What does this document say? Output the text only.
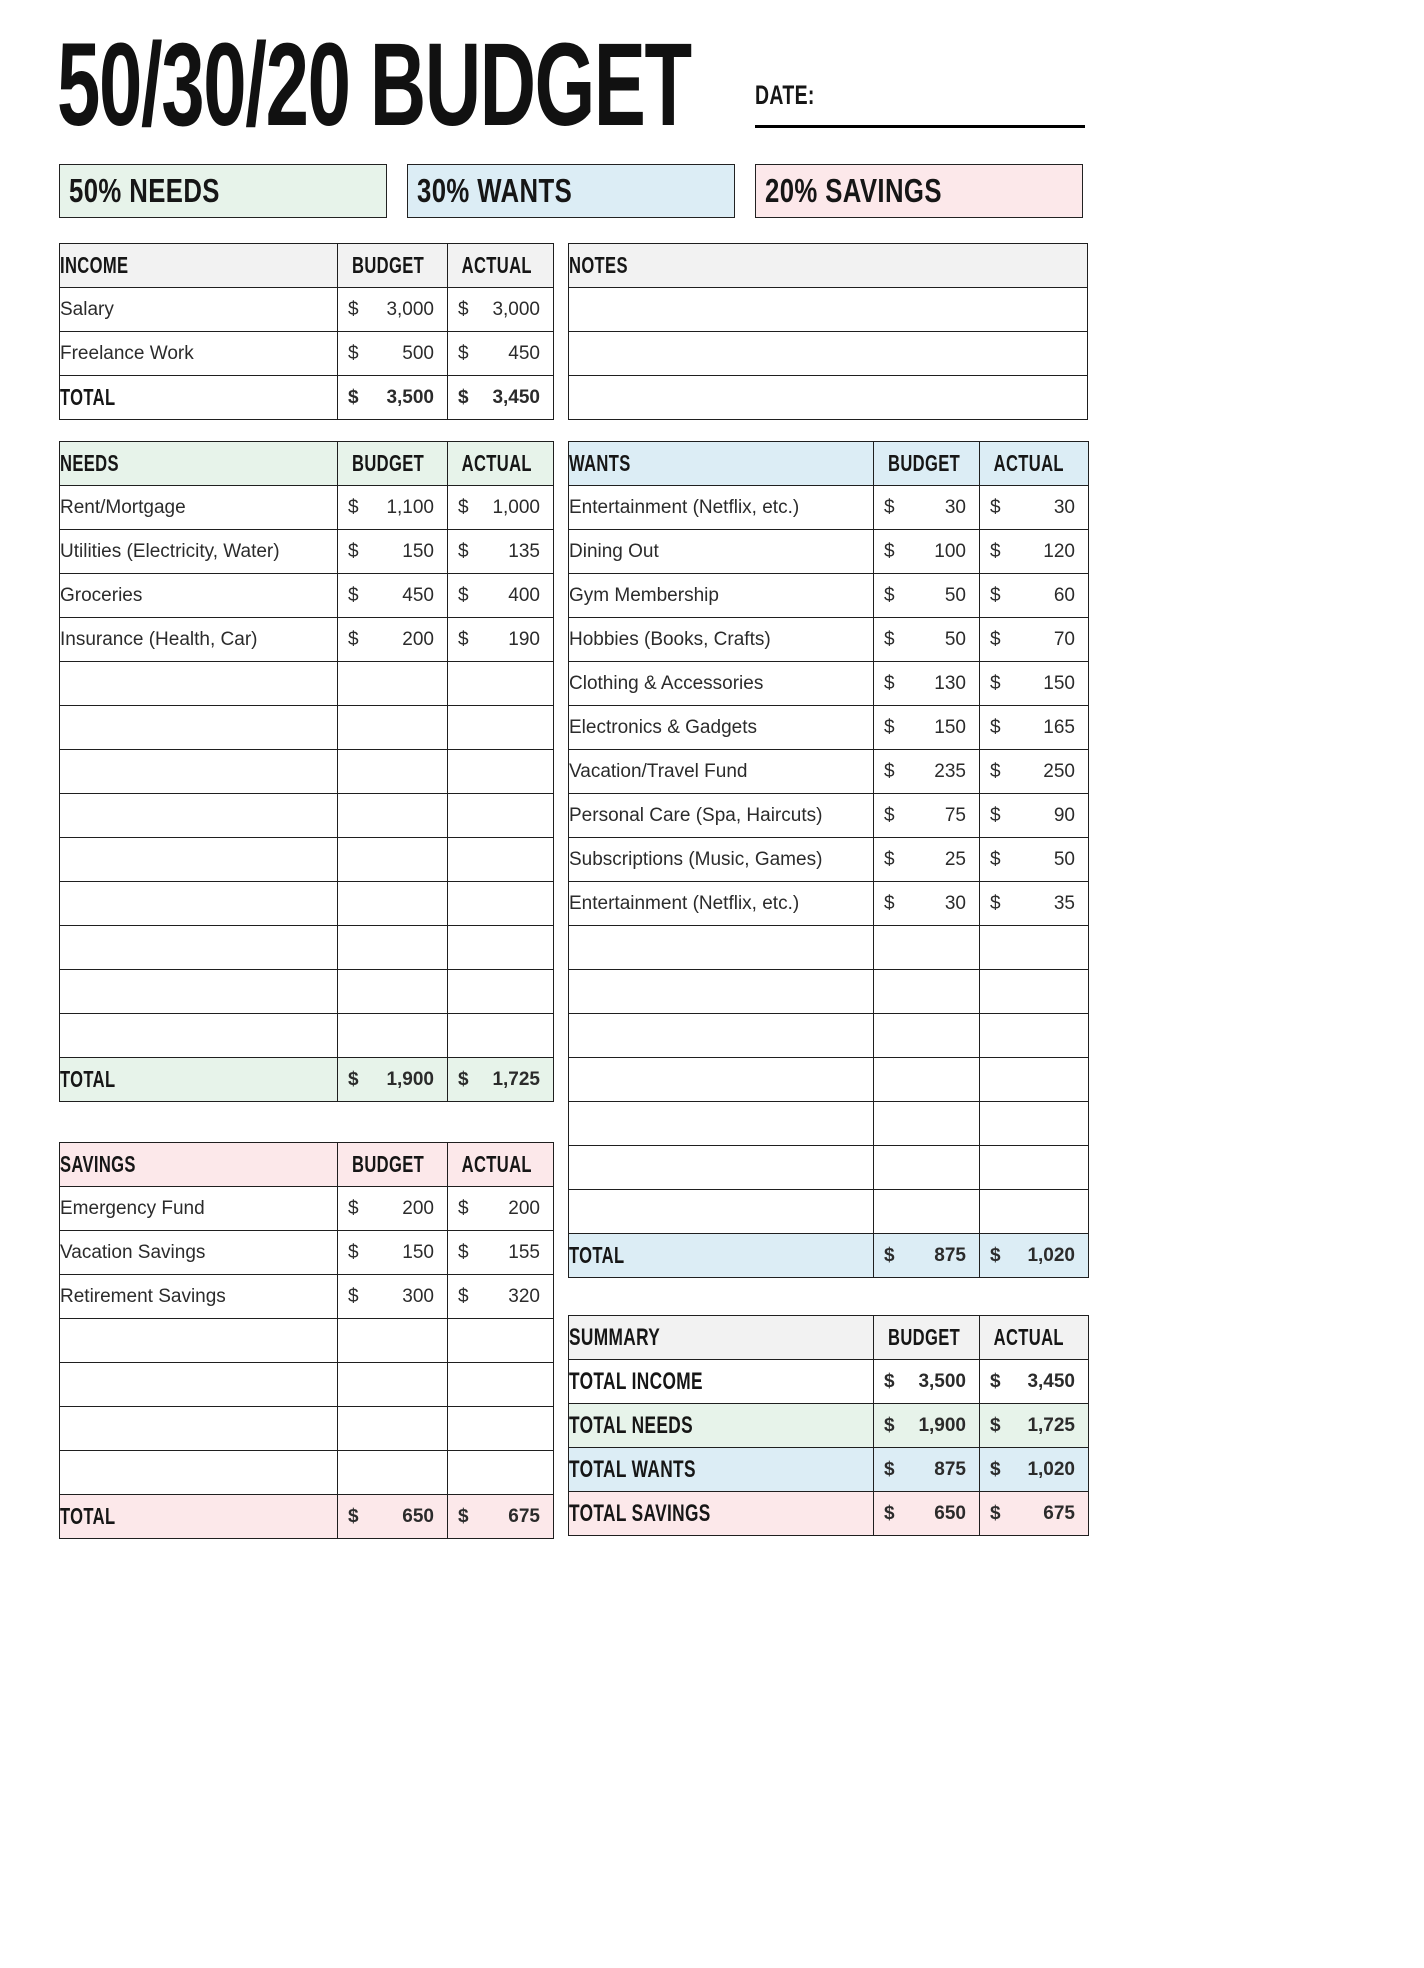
50/30/20 BUDGET DATE:
50% NEEDS	30% WANTS	20% SAVINGS
INCOME	BUDGET	ACTUAL
Salary	$ 3,000	$ 3,000

Freelance Work	$ 500	$ 450

TOTAL	$ 3,500	$ 3,450
NEEDS	BUDGET	ACTUAL
Rent/Mortgage	$ 1,100	$ 1,000

Utilities (Electricity, Water)	$ 150	$ 135

Groceries	$ 450	$ 400

Insurance (Health, Car)	$ 200	$ 190

TOTAL	$ 1,900	$ 1,725
SAVINGS	BUDGET	ACTUAL
Emergency Fund	$ 200	$ 200

Vacation Savings	$ 150	$ 155

Retirement Savings	$ 300	$ 320

TOTAL	$ 650	$ 675
NOTES

WANTS	BUDGET	ACTUAL
Entertainment (Netflix, etc.)	$ 30	$ 30

Dining Out	$ 100	$ 120

Gym Membership	$ 50	$ 60

Hobbies (Books, Crafts)	$ 50	$ 70

Clothing & Accessories	$ 130	$ 150

Electronics & Gadgets	$ 150	$ 165

Vacation/Travel Fund	$ 235	$ 250

Personal Care (Spa, Haircuts)	$ 75	$ 90

Subscriptions (Music, Games)	$ 25	$ 50

Entertainment (Netflix, etc.)	$ 30	$ 35

TOTAL	$ 875	$ 1,020
SUMMARY	BUDGET	ACTUAL
TOTAL INCOME	$ 3,500	$ 3,450

TOTAL NEEDS	$ 1,900	$ 1,725

TOTAL WANTS	$ 875	$ 1,020

TOTAL SAVINGS	$ 650	$ 675
